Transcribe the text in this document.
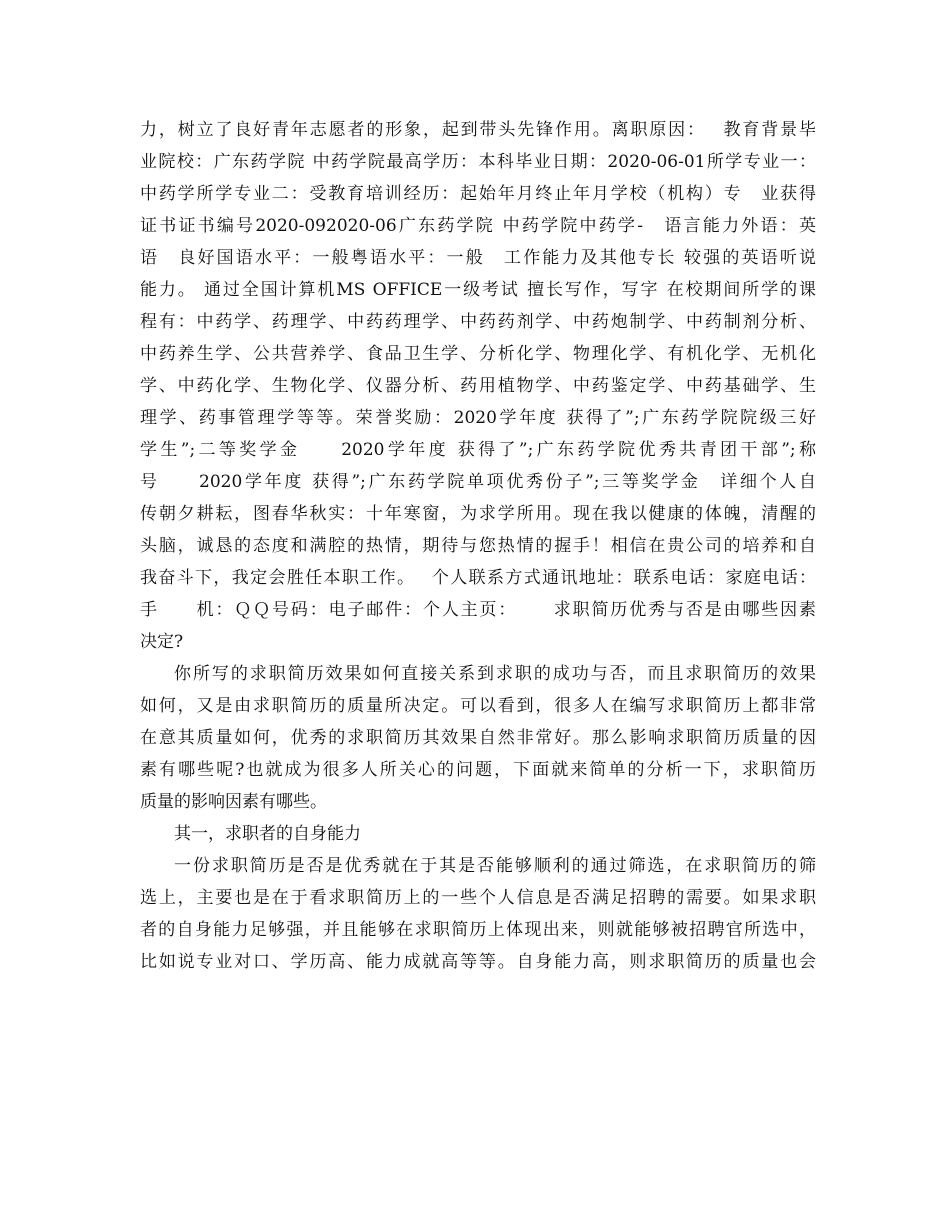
力，树立了良好青年志愿者的形象，起到带头先锋作用。离职原因：　 教育背景毕
业院校：广东药学院 中药学院最高学历：本科毕业日期：2020-06-01所学专业一：
中药学所学专业二：受教育培训经历：起始年月终止年月学校（机构）专　业获得
证书证书编号2020-092020-06广东药学院 中药学院中药学-　语言能力外语：英
语　良好国语水平：一般粤语水平：一般　工作能力及其他专长 较强的英语听说
能力。 通过全国计算机MS OFFICE一级考试 擅长写作，写字 在校期间所学的课
程有：中药学、药理学、中药药理学、中药药剂学、中药炮制学、中药制剂分析、
中药养生学、公共营养学、食品卫生学、分析化学、物理化学、有机化学、无机化
学、中药化学、生物化学、仪器分析、药用植物学、中药鉴定学、中药基础学、生
理学、药事管理学等等。荣誉奖励：2020学年度 获得了”;广东药学院院级三好
学生”;二等奖学金　　2020学年度 获得了”;广东药学院优秀共青团干部”;称
号　　2020学年度 获得”;广东药学院单项优秀份子”;三等奖学金　详细个人自
传朝夕耕耘，图春华秋实：十年寒窗，为求学所用。现在我以健康的体魄，清醒的
头脑，诚恳的态度和满腔的热情，期待与您热情的握手！相信在贵公司的培养和自
我奋斗下，我定会胜任本职工作。　 个人联系方式通讯地址：联系电话：家庭电话：
手　　机：ＱＱ号码：电子邮件：个人主页：　　 求职简历优秀与否是由哪些因素
决定?
你所写的求职简历效果如何直接关系到求职的成功与否，而且求职简历的效果
如何，又是由求职简历的质量所决定。可以看到，很多人在编写求职简历上都非常
在意其质量如何，优秀的求职简历其效果自然非常好。那么影响求职简历质量的因
素有哪些呢?也就成为很多人所关心的问题，下面就来简单的分析一下，求职简历
质量的影响因素有哪些。
其一，求职者的自身能力
一份求职简历是否是优秀就在于其是否能够顺利的通过筛选，在求职简历的筛
选上，主要也是在于看求职简历上的一些个人信息是否满足招聘的需要。如果求职
者的自身能力足够强，并且能够在求职简历上体现出来，则就能够被招聘官所选中，
比如说专业对口、学历高、能力成就高等等。自身能力高，则求职简历的质量也会
